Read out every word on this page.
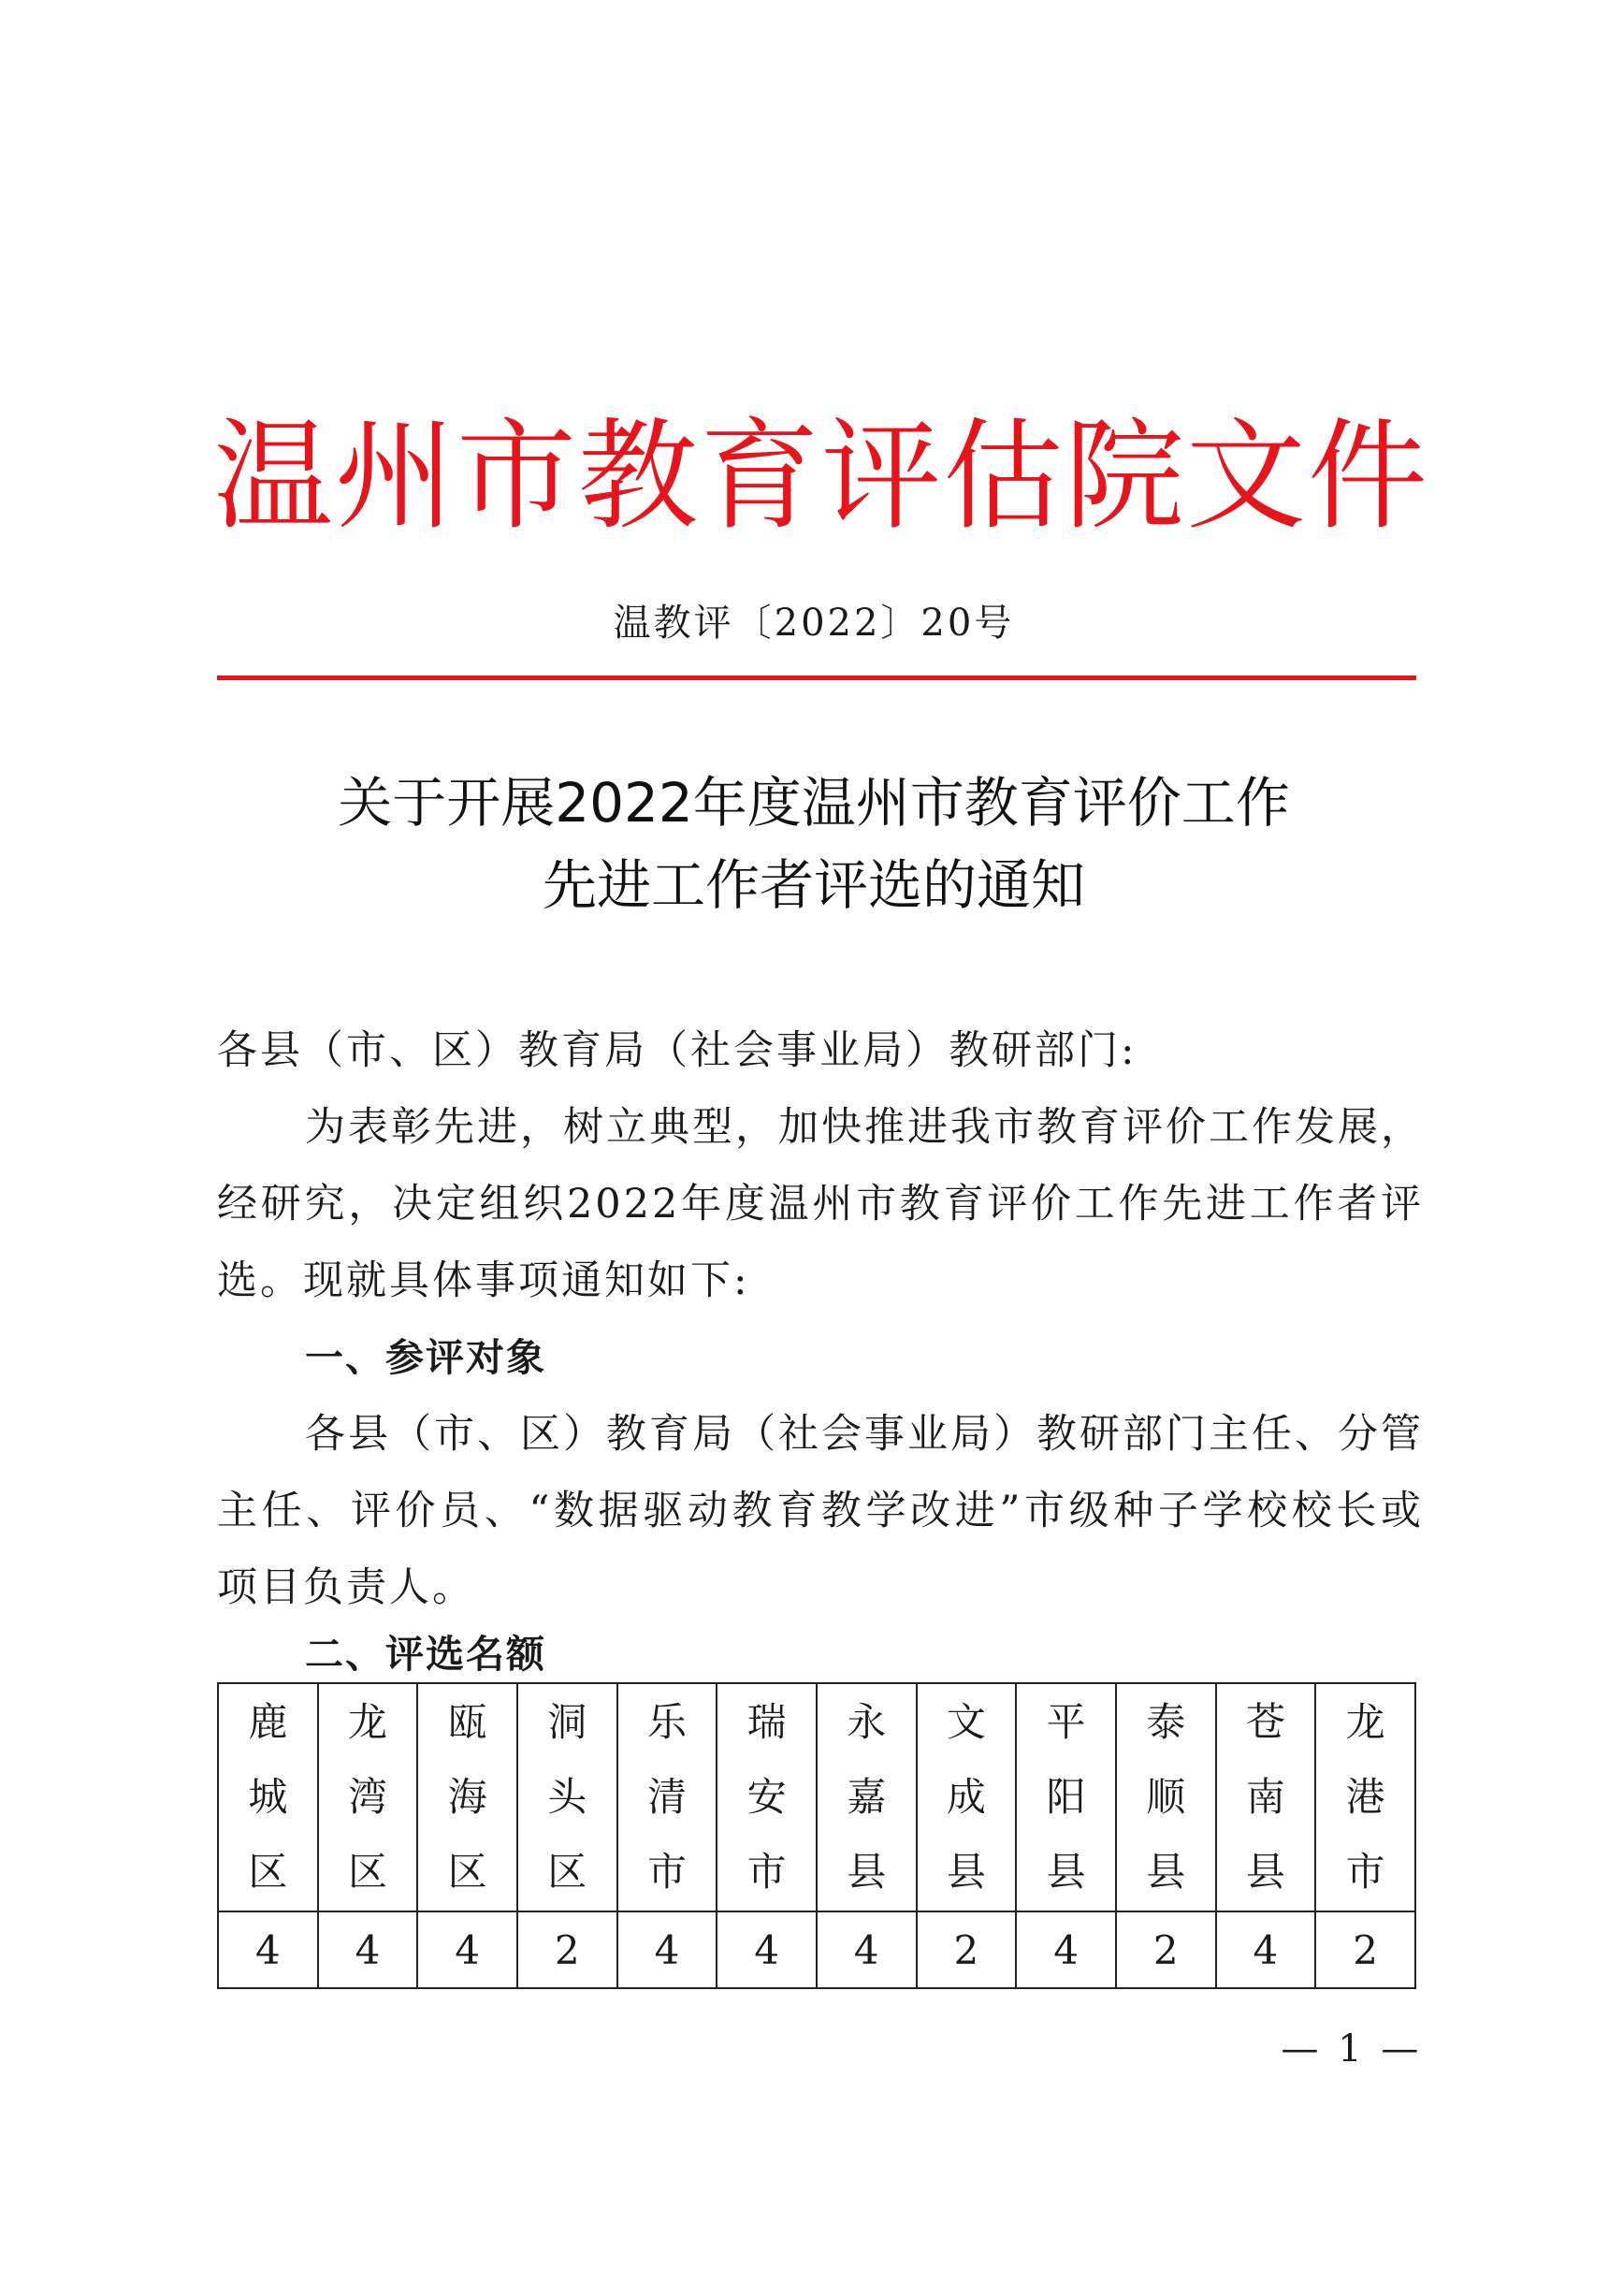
温州市教育评估院文件
温教评〔2022〕20号
关于开展2022年度温州市教育评价工作
先进工作者评选的通知
各县（市、区）教育局（社会事业局）教研部门:
为表彰先进，树立典型，加快推进我市教育评价工作发展，经研究，决定组织2022年度温州市教育评价工作先进工作者评选。现就具体事项通知如下:
一、参评对象
各县（市、区）教育局（社会事业局）教研部门主任、分管主任、评价员、“数据驱动教育教学改进”市级种子学校校长或项目负责人。
二、评选名额
鹿城区	龙湾区	瓯海区	洞头区	乐清市	瑞安市	永嘉县	文成县	平阳县	泰顺县	苍南县	龙港市
4	4	4	2	4	4	4	2	4	2	4	2
— 1 —
